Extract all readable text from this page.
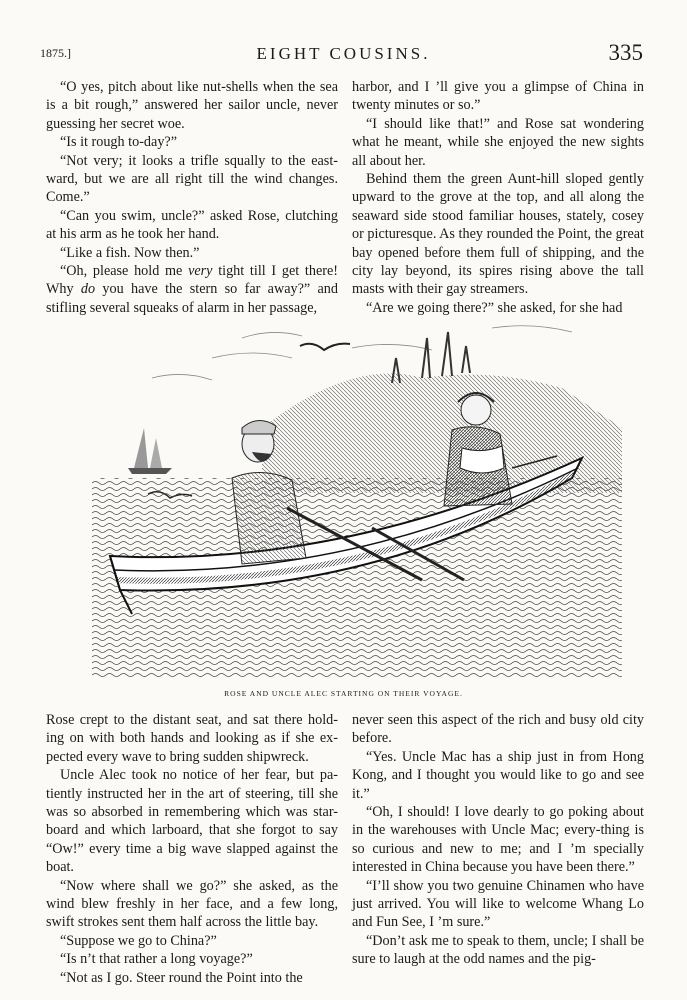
1875.]	EIGHT COUSINS.	335

“O yes, pitch about like nut-shells when the sea is a bit rough,” answered her sailor uncle, never guessing her secret woe.

“Is it rough to-day?”

“Not very; it looks a trifle squally to the east-ward, but we are all right till the wind changes. Come.”

“Can you swim, uncle?” asked Rose, clutching at his arm as he took her hand.

“Like a fish. Now then.”

“Oh, please hold me very tight till I get there! Why do you have the stern so far away?” and stifling several squeaks of alarm in her passage,

harbor, and I ’ll give you a glimpse of China in twenty minutes or so.”

“I should like that!” and Rose sat wondering what he meant, while she enjoyed the new sights all about her.

Behind them the green Aunt-hill sloped gently upward to the grove at the top, and all along the seaward side stood familiar houses, stately, cosey or picturesque. As they rounded the Point, the great bay opened before them full of shipping, and the city lay beyond, its spires rising above the tall masts with their gay streamers.

“Are we going there?” she asked, for she had

ROSE AND UNCLE ALEC STARTING ON THEIR VOYAGE.

Rose crept to the distant seat, and sat there hold-ing on with both hands and looking as if she ex-pected every wave to bring sudden shipwreck.

Uncle Alec took no notice of her fear, but pa-tiently instructed her in the art of steering, till she was so absorbed in remembering which was star-board and which larboard, that she forgot to say “Ow!” every time a big wave slapped against the boat.

“Now where shall we go?” she asked, as the wind blew freshly in her face, and a few long, swift strokes sent them half across the little bay.

“Suppose we go to China?”

“Is n’t that rather a long voyage?”

“Not as I go. Steer round the Point into the

never seen this aspect of the rich and busy old city before.

“Yes. Uncle Mac has a ship just in from Hong Kong, and I thought you would like to go and see it.”

“Oh, I should! I love dearly to go poking about in the warehouses with Uncle Mac; every-thing is so curious and new to me; and I ’m specially interested in China because you have been there.”

“I’ll show you two genuine Chinamen who have just arrived. You will like to welcome Whang Lo and Fun See, I ’m sure.”

“Don’t ask me to speak to them, uncle; I shall be sure to laugh at the odd names and the pig-
